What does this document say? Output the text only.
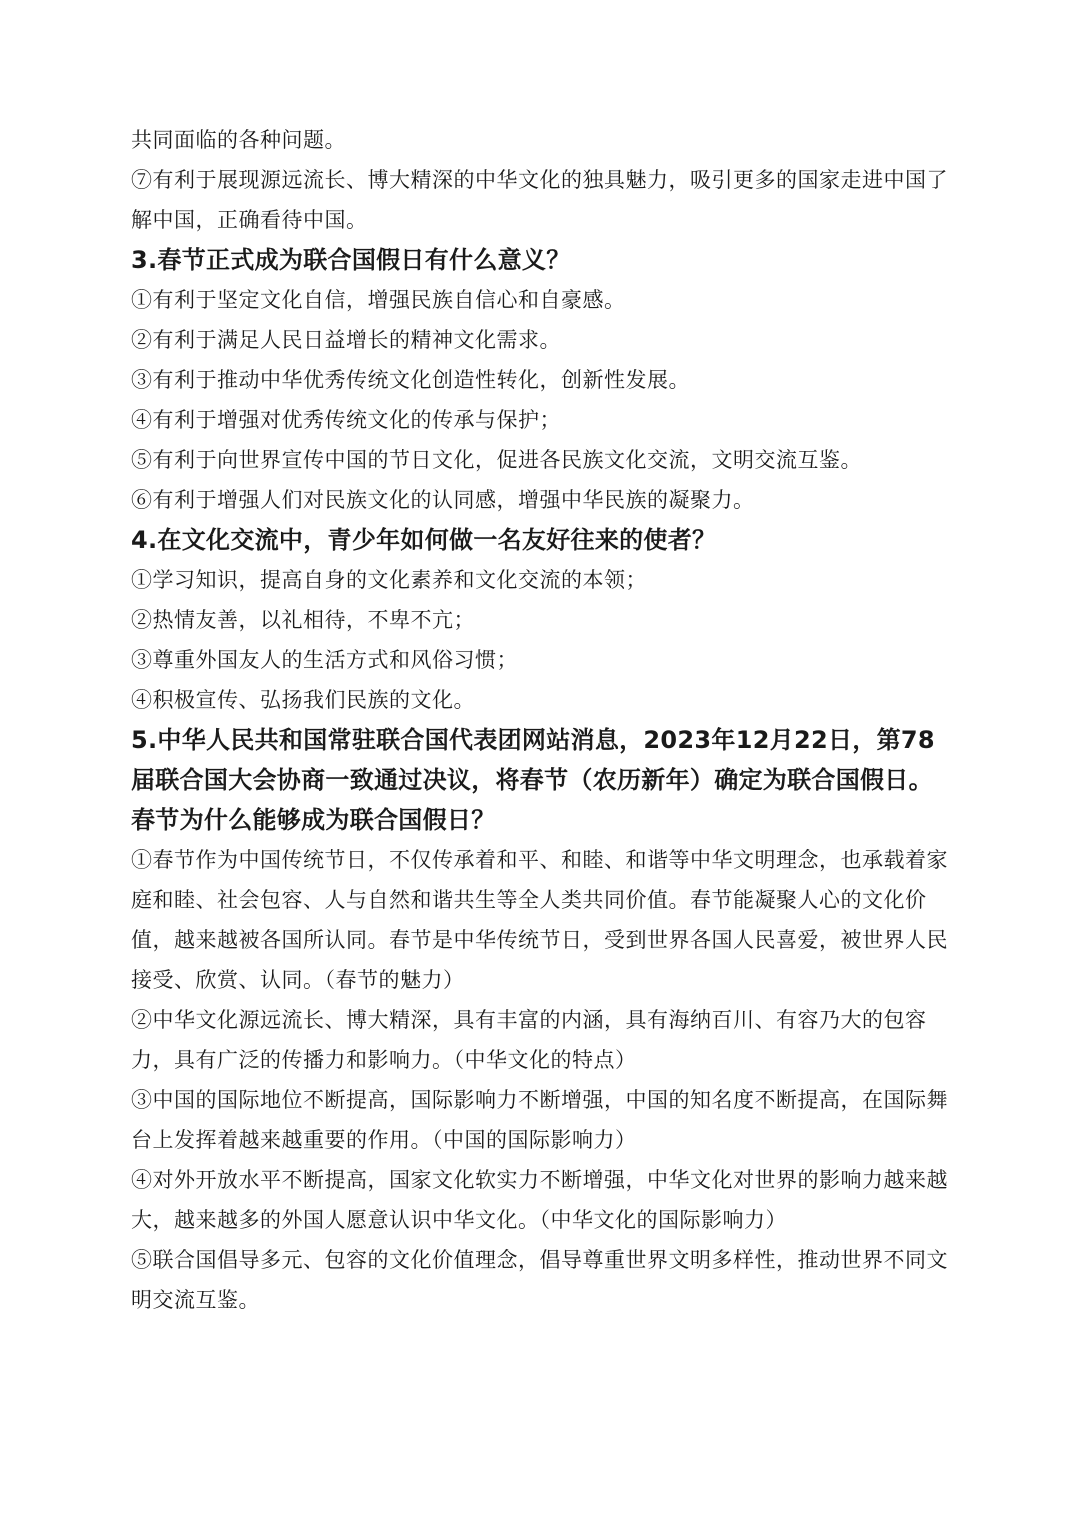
共同面临的各种问题。

⑦有利于展现源远流长、博大精深的中华文化的独具魅力，吸引更多的国家走进中国了解中国，正确看待中国。

3.春节正式成为联合国假日有什么意义？

①有利于坚定文化自信，增强民族自信心和自豪感。

②有利于满足人民日益增长的精神文化需求。

③有利于推动中华优秀传统文化创造性转化，创新性发展。

④有利于增强对优秀传统文化的传承与保护；

⑤有利于向世界宣传中国的节日文化，促进各民族文化交流，文明交流互鉴。

⑥有利于增强人们对民族文化的认同感，增强中华民族的凝聚力。

4.在文化交流中，青少年如何做一名友好往来的使者？

①学习知识，提高自身的文化素养和文化交流的本领；

②热情友善，以礼相待，不卑不亢；

③尊重外国友人的生活方式和风俗习惯；

④积极宣传、弘扬我们民族的文化。

5.中华人民共和国常驻联合国代表团网站消息，2023年12月22日，第78届联合国大会协商一致通过决议，将春节（农历新年）确定为联合国假日。春节为什么能够成为联合国假日？

①春节作为中国传统节日，不仅传承着和平、和睦、和谐等中华文明理念，也承载着家庭和睦、社会包容、人与自然和谐共生等全人类共同价值。春节能凝聚人心的文化价值，越来越被各国所认同。春节是中华传统节日，受到世界各国人民喜爱，被世界人民接受、欣赏、认同。（春节的魅力）

②中华文化源远流长、博大精深，具有丰富的内涵，具有海纳百川、有容乃大的包容力，具有广泛的传播力和影响力。（中华文化的特点）

③中国的国际地位不断提高，国际影响力不断增强，中国的知名度不断提高，在国际舞台上发挥着越来越重要的作用。（中国的国际影响力）

④对外开放水平不断提高，国家文化软实力不断增强，中华文化对世界的影响力越来越大，越来越多的外国人愿意认识中华文化。（中华文化的国际影响力）

⑤联合国倡导多元、包容的文化价值理念，倡导尊重世界文明多样性，推动世界不同文明交流互鉴。
